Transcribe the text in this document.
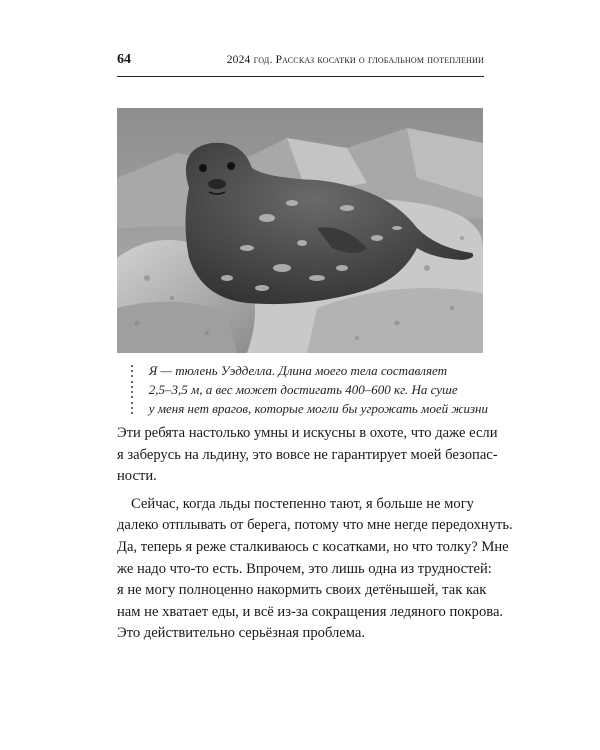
64	2024 год. Рассказ косатки о глобальном потеплении
Я — тюлень Уэдделла. Длина моего тела составляет
2,5–3,5 м, а вес может достигать 400–600 кг. На суше
у меня нет врагов, которые могли бы угрожать моей жизни
Эти ребята настолько умны и искусны в охоте, что даже если
я заберусь на льдину, это вовсе не гарантирует моей безопас-
ности.
Сейчас, когда льды постепенно тают, я больше не могу
далеко отплывать от берега, потому что мне негде передохнуть.
Да, теперь я реже сталкиваюсь с косатками, но что толку? Мне
же надо что-то есть. Впрочем, это лишь одна из трудностей:
я не могу полноценно накормить своих детёнышей, так как
нам не хватает еды, и всё из-за сокращения ледяного покрова.
Это действительно серьёзная проблема.
